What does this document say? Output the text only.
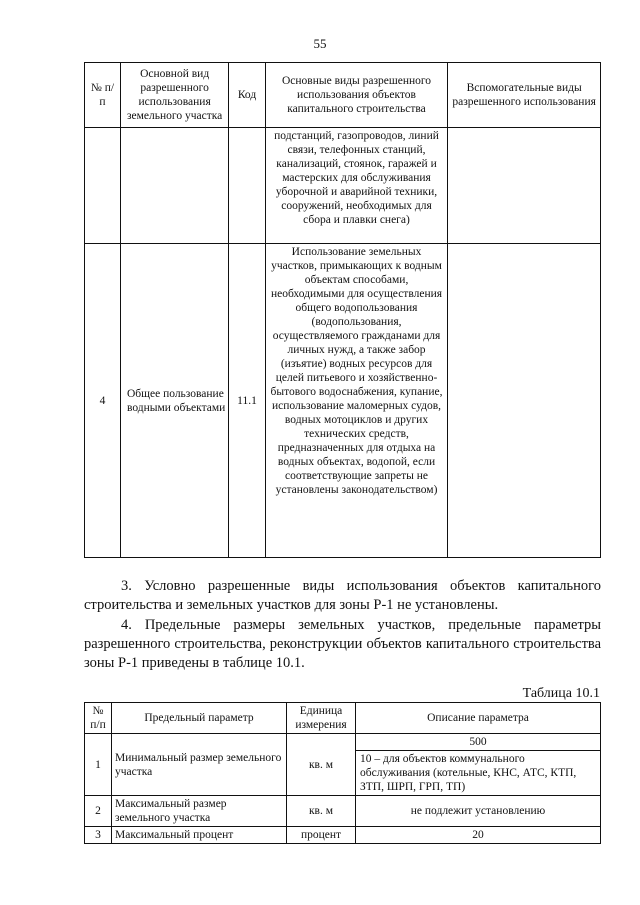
55
№ п/п	Основной вид разрешенного использования земельного участка	Код	Основные виды разрешенного использования объектов капитального строительства	Вспомогательные виды разрешенного использования
			подстанций, газопроводов, линий связи, телефонных станций, канализаций, стоянок, гаражей и мастерских для обслуживания уборочной и аварийной техники, сооружений, необходимых для сбора и плавки снега)	
4	Общее пользование водными объектами	11.1	Использование земельных участков, примыкающих к водным объектам способами, необходимыми для осуществления общего водопользования (водопользования, осуществляемого гражданами для личных нужд, а также забор (изъятие) водных ресурсов для целей питьевого и хозяйственно-бытового водоснабжения, купание, использование маломерных судов, водных мотоциклов и других технических средств, предназначенных для отдыха на водных объектах, водопой, если соответствующие запреты не установлены законодательством)	

3. Условно разрешенные виды использования объектов капитального строительства и земельных участков для зоны Р-1 не установлены.

4. Предельные размеры земельных участков, предельные параметры разрешенного строительства, реконструкции объектов капитального строительства зоны Р-1 приведены в таблице 10.1.

Таблица 10.1
№ п/п	Предельный параметр	Единица измерения	Описание параметра
1	Минимальный размер земельного участка	кв. м	500
			10 – для объектов коммунального обслуживания (котельные, КНС, АТС, КТП, ЗТП, ШРП, ГРП, ТП)
2	Максимальный размер земельного участка	кв. м	не подлежит установлению
3	Максимальный процент	процент	20
